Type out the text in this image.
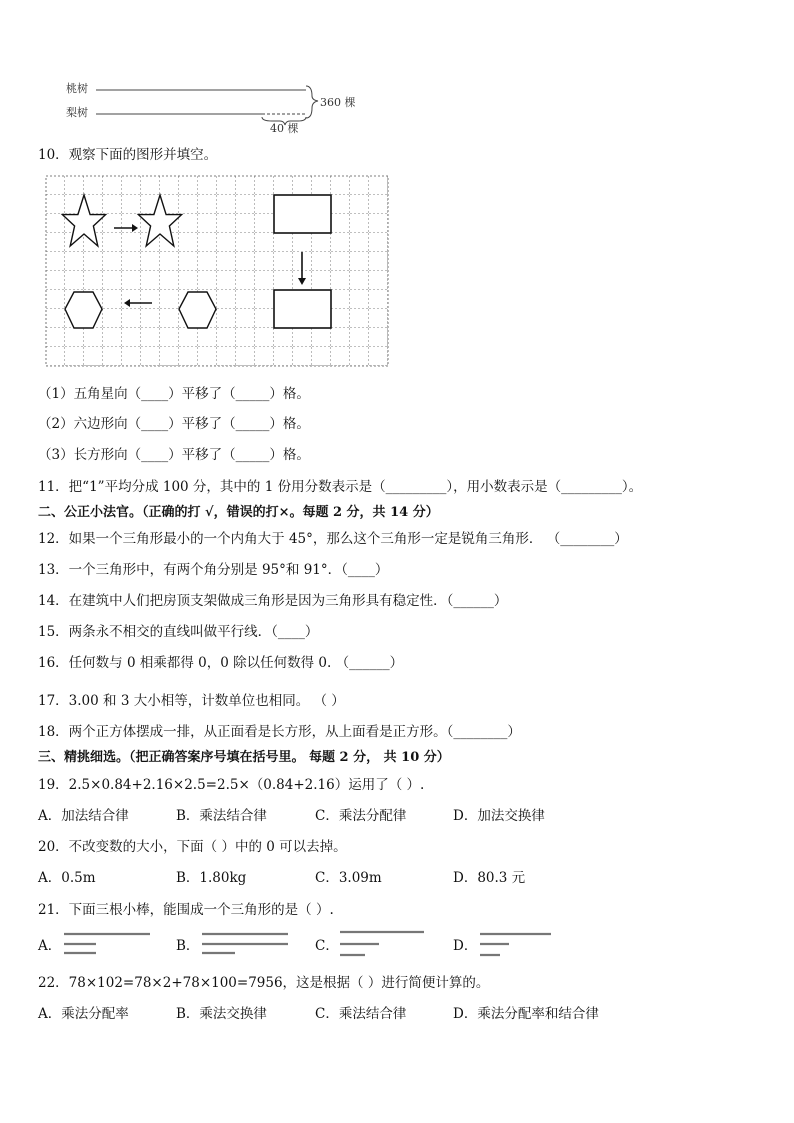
桃树
梨树
360 棵
40 棵
10．观察下面的图形并填空。
（1）五角星向（____）平移了（_____）格。
（2）六边形向（____）平移了（_____）格。
（3）长方形向（____）平移了（_____）格。
11．把“1”平均分成 100 分，其中的 1 份用分数表示是（_________），用小数表示是（_________）。
二、公正小法官。（正确的打 √，错误的打×。每题 2 分，共 14 分）
12．如果一个三角形最小的一个内角大于 45°，那么这个三角形一定是锐角三角形． （________）
13．一个三角形中，有两个角分别是 95°和 91°．（____）
14．在建筑中人们把房顶支架做成三角形是因为三角形具有稳定性．（______）
15．两条永不相交的直线叫做平行线．（____）
16．任何数与 0 相乘都得 0，0 除以任何数得 0. （______）
17．3.00 和 3 大小相等，计数单位也相同。 （ ）
18．两个正方体摆成一排，从正面看是长方形，从上面看是正方形。（________）
三、精挑细选。（把正确答案序号填在括号里。 每题 2 分， 共 10 分）
19．2.5×0.84+2.16×2.5=2.5×（0.84+2.16）运用了（ ）.
A．加法结合律	B．乘法结合律	C．乘法分配律	D．加法交换律
20．不改变数的大小，下面（ ）中的 0 可以去掉。
A．0.5m	B．1.80kg	C．3.09m	D．80.3 元
21．下面三根小棒，能围成一个三角形的是（ ）.
A．	B．	C．	D．
22．78×102=78×2+78×100=7956，这是根据（ ）进行简便计算的。
A．乘法分配率	B．乘法交换律	C．乘法结合律	D．乘法分配率和结合律
